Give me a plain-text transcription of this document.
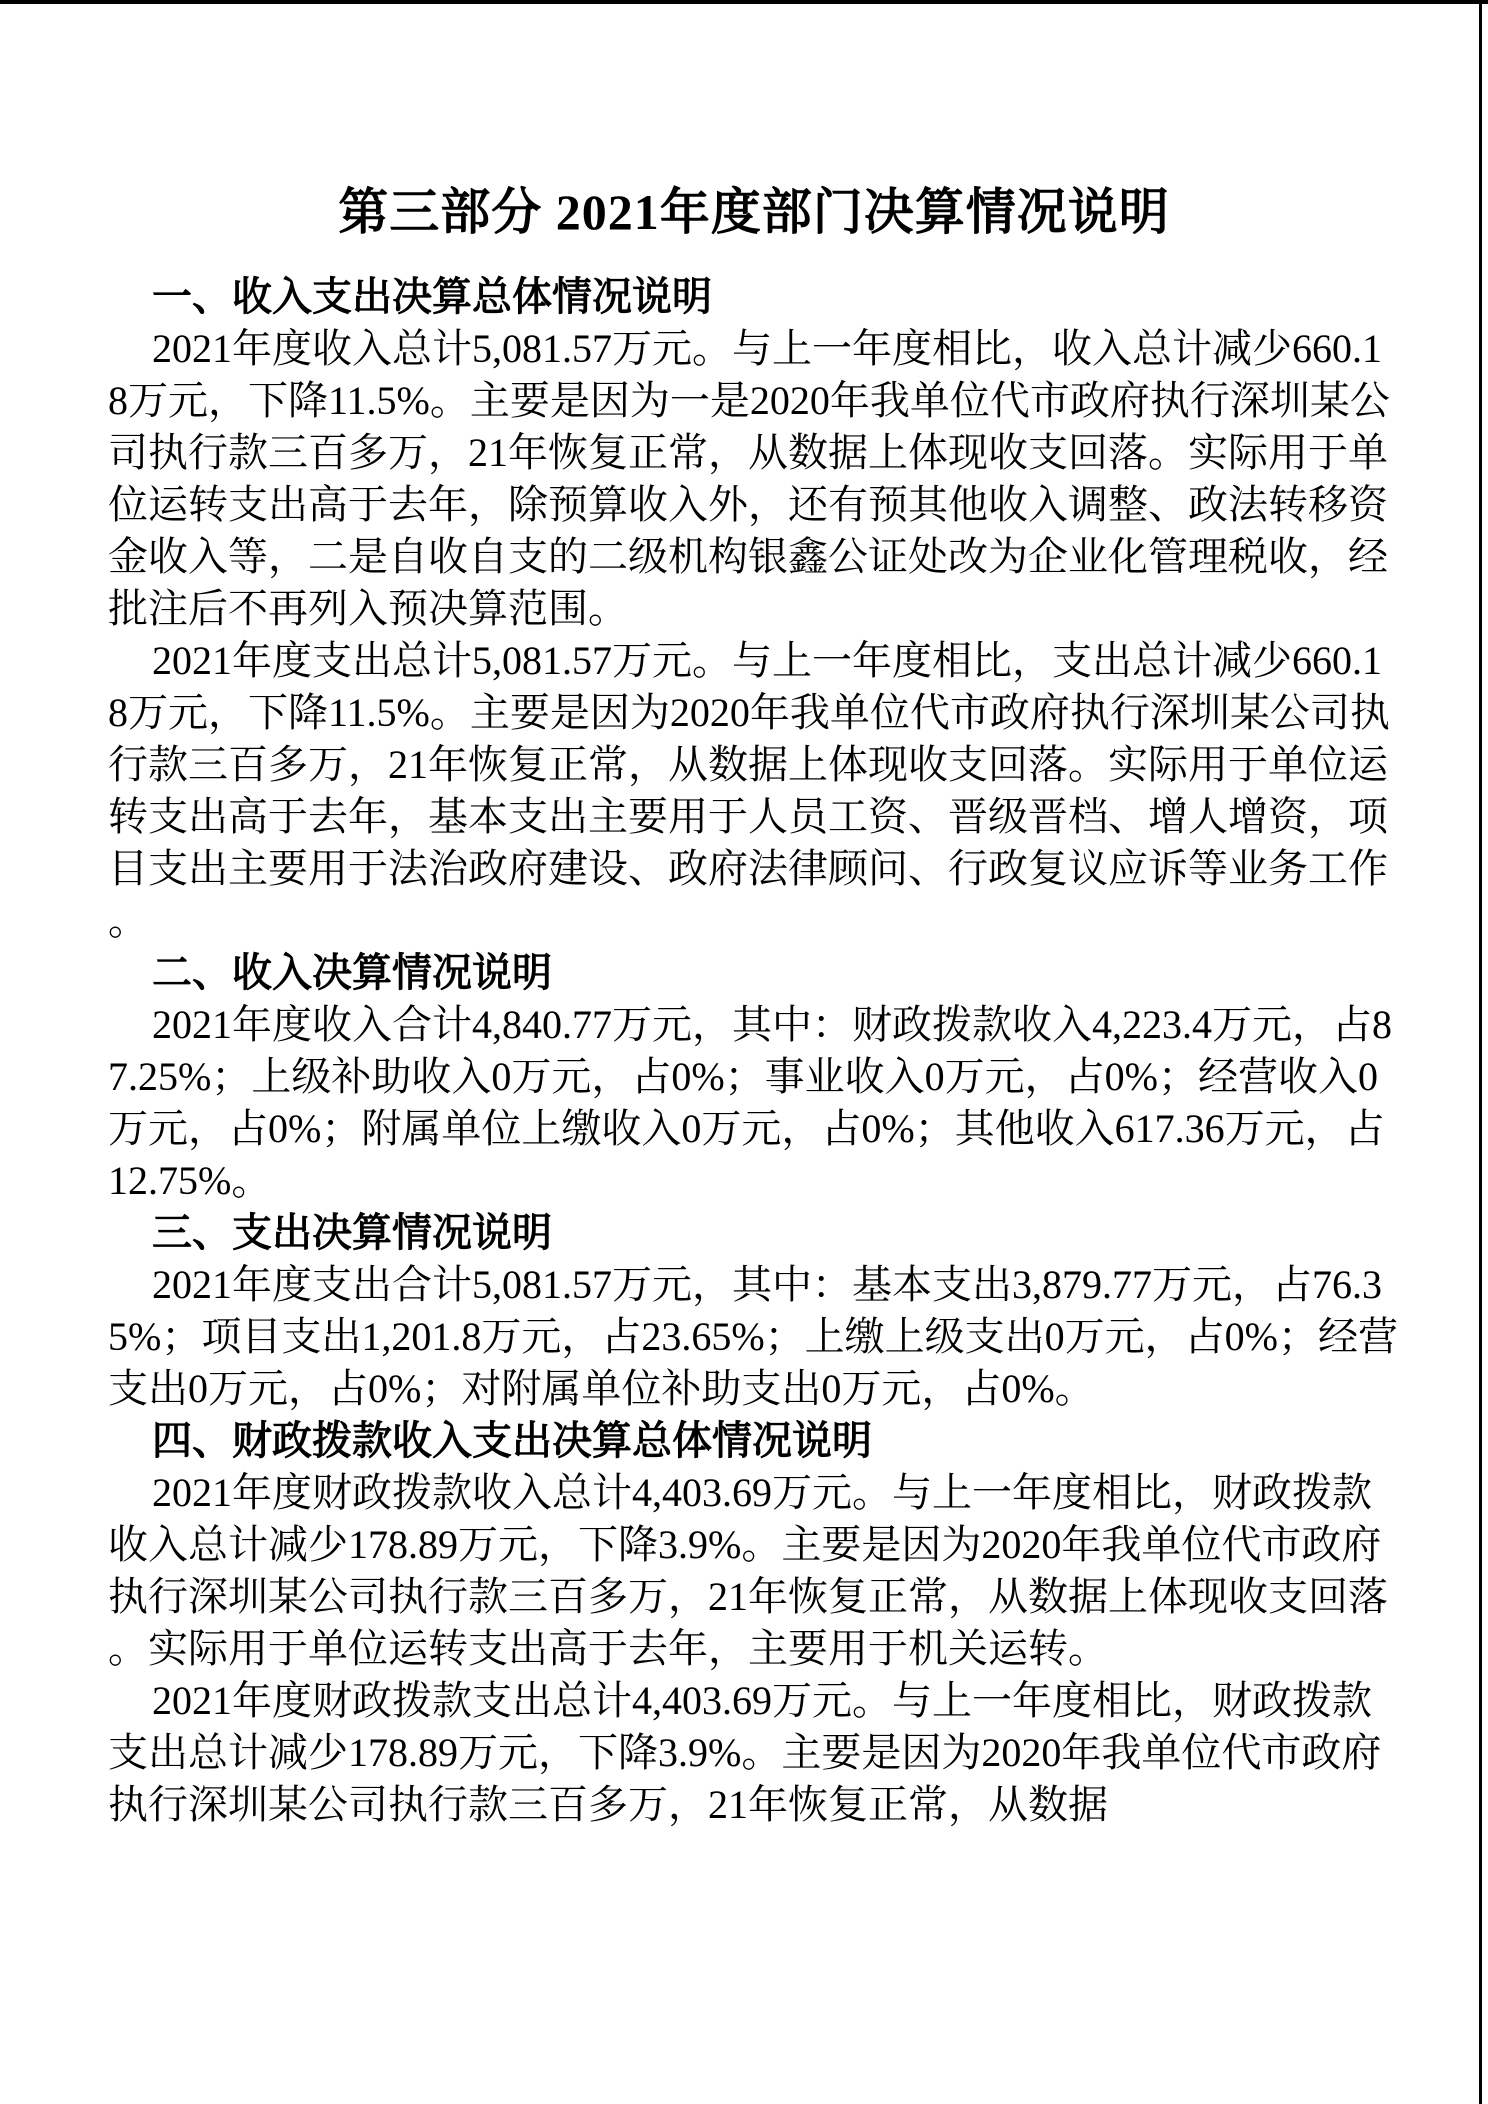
第三部分 2021年度部门决算情况说明
一、收入支出决算总体情况说明

2021年度收入总计5,081.57万元。与上一年度相比，收入总计减少660.18万元，下降11.5%。主要是因为一是2020年我单位代市政府执行深圳某公司执行款三百多万，21年恢复正常，从数据上体现收支回落。实际用于单位运转支出高于去年，除预算收入外，还有预其他收入调整、政法转移资金收入等，二是自收自支的二级机构银鑫公证处改为企业化管理税收，经批注后不再列入预决算范围。

2021年度支出总计5,081.57万元。与上一年度相比，支出总计减少660.18万元，下降11.5%。主要是因为2020年我单位代市政府执行深圳某公司执行款三百多万，21年恢复正常，从数据上体现收支回落。实际用于单位运转支出高于去年，基本支出主要用于人员工资、晋级晋档、增人增资，项目支出主要用于法治政府建设、政府法律顾问、行政复议应诉等业务工作。

二、收入决算情况说明

2021年度收入合计4,840.77万元，其中：财政拨款收入4,223.4万元，占87.25%；上级补助收入0万元，占0%；事业收入0万元，占0%；经营收入0万元，占0%；附属单位上缴收入0万元，占0%；其他收入617.36万元，占12.75%。

三、支出决算情况说明

2021年度支出合计5,081.57万元，其中：基本支出3,879.77万元，占76.35%；项目支出1,201.8万元，占23.65%；上缴上级支出0万元，占0%；经营支出0万元，占0%；对附属单位补助支出0万元，占0%。

四、财政拨款收入支出决算总体情况说明

2021年度财政拨款收入总计4,403.69万元。与上一年度相比，财政拨款收入总计减少178.89万元，下降3.9%。主要是因为2020年我单位代市政府执行深圳某公司执行款三百多万，21年恢复正常，从数据上体现收支回落。实际用于单位运转支出高于去年，主要用于机关运转。

2021年度财政拨款支出总计4,403.69万元。与上一年度相比，财政拨款支出总计减少178.89万元，下降3.9%。主要是因为2020年我单位代市政府执行深圳某公司执行款三百多万，21年恢复正常，从数据
